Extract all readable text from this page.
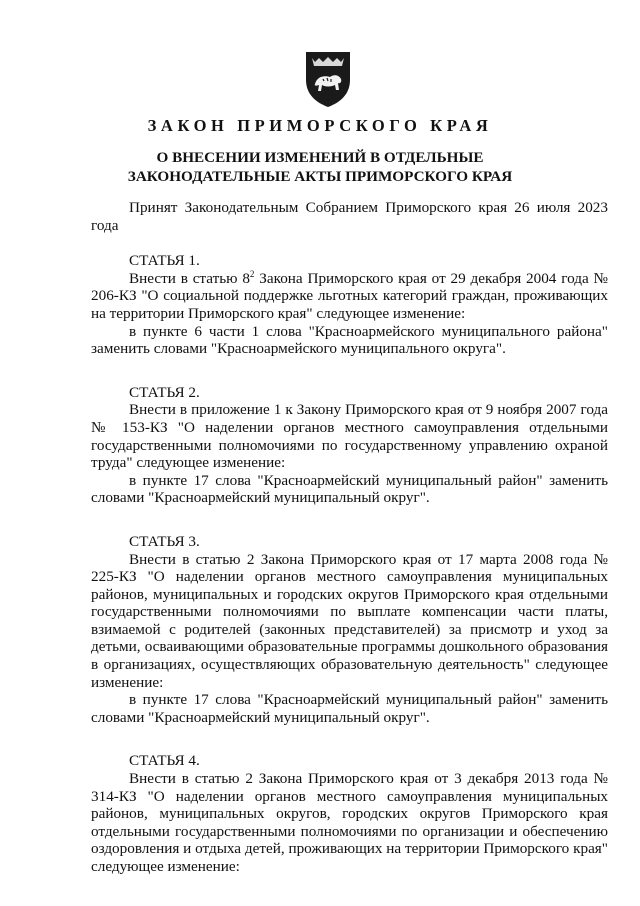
ЗАКОН ПРИМОРСКОГО КРАЯ
О ВНЕСЕНИИ ИЗМЕНЕНИЙ В ОТДЕЛЬНЫЕ
ЗАКОНОДАТЕЛЬНЫЕ АКТЫ ПРИМОРСКОГО КРАЯ

Принят Законодательным Собранием Приморского края 26 июля 2023 года

СТАТЬЯ 1.

Внести в статью $8^2$ Закона Приморского края от 29 декабря 2004 года № 206-КЗ "О социальной поддержке льготных категорий граждан, проживающих на территории Приморского края" следующее изменение:

в пункте 6 части 1 слова "Красноармейского муниципального района" заменить словами "Красноармейского муниципального округа".

СТАТЬЯ 2.

Внести в приложение 1 к Закону Приморского края от 9 ноября 2007 года № 153-КЗ "О наделении органов местного самоуправления отдельными государственными полномочиями по государственному управлению охраной труда" следующее изменение:

в пункте 17 слова "Красноармейский муниципальный район" заменить словами "Красноармейский муниципальный округ".

СТАТЬЯ 3.

Внести в статью 2 Закона Приморского края от 17 марта 2008 года № 225-КЗ "О наделении органов местного самоуправления муниципальных районов, муниципальных и городских округов Приморского края отдельными государственными полномочиями по выплате компенсации части платы, взимаемой с родителей (законных представителей) за присмотр и уход за детьми, осваивающими образовательные программы дошкольного образования в организациях, осуществляющих образовательную деятельность" следующее изменение:

в пункте 17 слова "Красноармейский муниципальный район" заменить словами "Красноармейский муниципальный округ".

СТАТЬЯ 4.

Внести в статью 2 Закона Приморского края от 3 декабря 2013 года № 314-КЗ "О наделении органов местного самоуправления муниципальных районов, муниципальных округов, городских округов Приморского края отдельными государственными полномочиями по организации и обеспечению оздоровления и отдыха детей, проживающих на территории Приморского края" следующее изменение:
